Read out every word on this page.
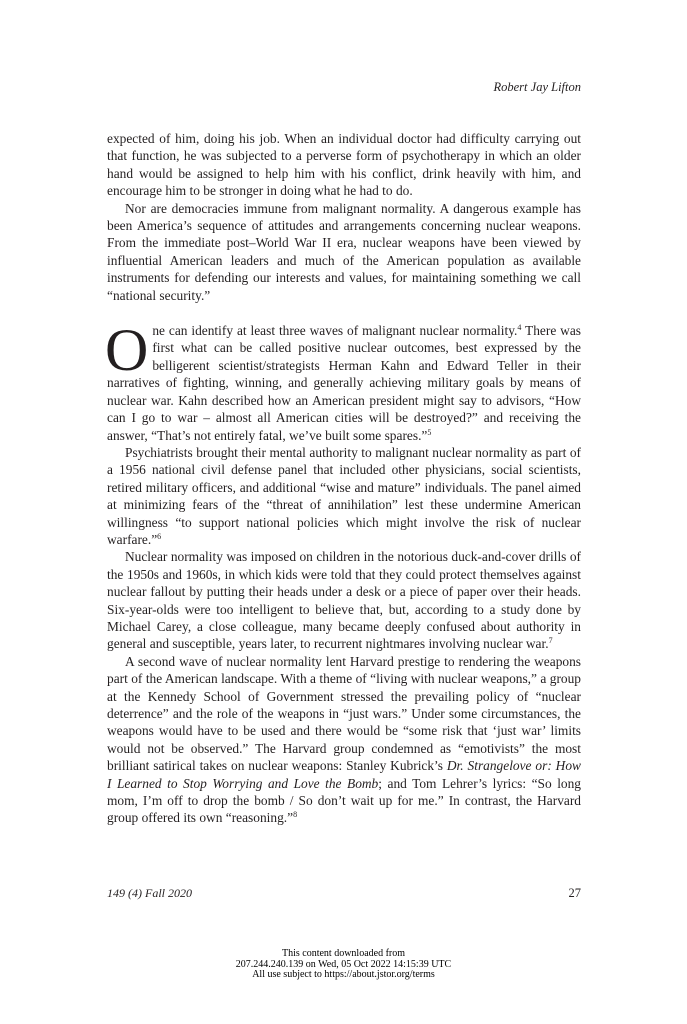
Robert Jay Lifton

expected of him, doing his job. When an individual doctor had difficulty carrying out that function, he was subjected to a perverse form of psychotherapy in which an older hand would be assigned to help him with his conflict, drink heavily with him, and encourage him to be stronger in doing what he had to do.

Nor are democracies immune from malignant normality. A dangerous example has been America’s sequence of attitudes and arrangements concerning nuclear weapons. From the immediate post–World War II era, nuclear weapons have been viewed by influential American leaders and much of the American population as available instruments for defending our interests and values, for maintaining something we call “national security.”

One can identify at least three waves of malignant nuclear normality.$^4$ There was first what can be called positive nuclear outcomes, best expressed by the belligerent scientist/strategists Herman Kahn and Edward Teller in their narratives of fighting, winning, and generally achieving military goals by means of nuclear war. Kahn described how an American president might say to advisors, “How can I go to war – almost all American cities will be destroyed?” and receiving the answer, “That’s not entirely fatal, we’ve built some spares.”$^5$

Psychiatrists brought their mental authority to malignant nuclear normality as part of a 1956 national civil defense panel that included other physicians, social scientists, retired military officers, and additional “wise and mature” individuals. The panel aimed at minimizing fears of the “threat of annihilation” lest these undermine American willingness “to support national policies which might involve the risk of nuclear warfare.”$^6$

Nuclear normality was imposed on children in the notorious duck-and-cover drills of the 1950s and 1960s, in which kids were told that they could protect themselves against nuclear fallout by putting their heads under a desk or a piece of paper over their heads. Six-year-olds were too intelligent to believe that, but, according to a study done by Michael Carey, a close colleague, many became deeply confused about authority in general and susceptible, years later, to recurrent nightmares involving nuclear war.$^7$

A second wave of nuclear normality lent Harvard prestige to rendering the weapons part of the American landscape. With a theme of “living with nuclear weapons,” a group at the Kennedy School of Government stressed the prevailing policy of “nuclear deterrence” and the role of the weapons in “just wars.” Under some circumstances, the weapons would have to be used and there would be “some risk that ‘just war’ limits would not be observed.” The Harvard group condemned as “emotivists” the most brilliant satirical takes on nuclear weapons: Stanley Kubrick’s Dr. Strangelove or: How I Learned to Stop Worrying and Love the Bomb; and Tom Lehrer’s lyrics: “So long mom, I’m off to drop the bomb / So don’t wait up for me.” In contrast, the Harvard group offered its own “reasoning.”$^8$

149 (4) Fall 2020	27
This content downloaded from
207.244.240.139 on Wed, 05 Oct 2022 14:15:39 UTC
All use subject to https://about.jstor.org/terms
